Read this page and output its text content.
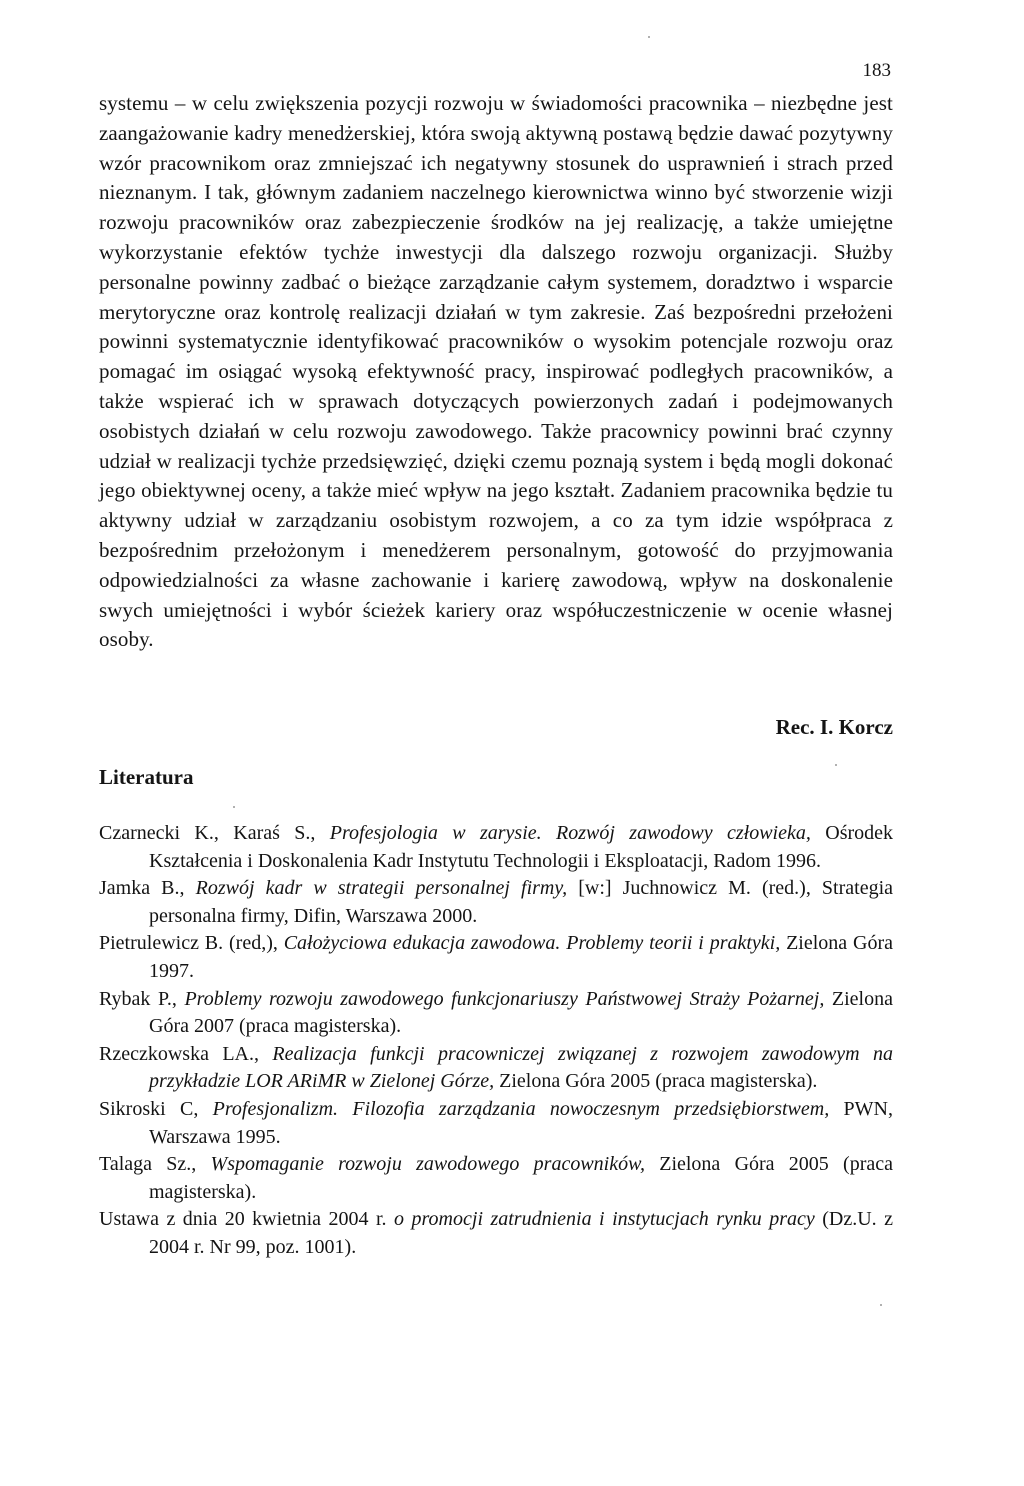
183

systemu – w celu zwiększenia pozycji rozwoju w świadomości pracownika – niezbędne jest zaangażowanie kadry menedżerskiej, która swoją aktywną postawą będzie dawać pozytywny wzór pracownikom oraz zmniejszać ich negatywny stosunek do usprawnień i strach przed nieznanym. I tak, głównym zadaniem naczelnego kierownictwa winno być stworzenie wizji rozwoju pracowników oraz zabezpieczenie środków na jej realizację, a także umiejętne wykorzystanie efektów tychże inwestycji dla dalszego rozwoju organizacji. Służby personalne powinny zadbać o bieżące zarządzanie całym systemem, doradztwo i wsparcie merytoryczne oraz kontrolę realizacji działań w tym zakresie. Zaś bezpośredni przełożeni powinni systematycznie identyfikować pracowników o wysokim potencjale rozwoju oraz pomagać im osiągać wysoką efektywność pracy, inspirować podległych pracowników, a także wspierać ich w sprawach dotyczących powierzonych zadań i podejmowanych osobistych działań w celu rozwoju zawodowego. Także pracownicy powinni brać czynny udział w realizacji tychże przedsięwzięć, dzięki czemu poznają system i będą mogli dokonać jego obiektywnej oceny, a także mieć wpływ na jego kształt. Zadaniem pracownika będzie tu aktywny udział w zarządzaniu osobistym rozwojem, a co za tym idzie współpraca z bezpośrednim przełożonym i menedżerem personalnym, gotowość do przyjmowania odpowiedzialności za własne zachowanie i karierę zawodową, wpływ na doskonalenie swych umiejętności i wybór ścieżek kariery oraz współuczestniczenie w ocenie własnej osoby.

Rec. I. Korcz
Literatura
Czarnecki K., Karaś S., Profesjologia w zarysie. Rozwój zawodowy człowieka, Ośrodek Kształcenia i Doskonalenia Kadr Instytutu Technologii i Eksploatacji, Radom 1996.
Jamka B., Rozwój kadr w strategii personalnej firmy, [w:] Juchnowicz M. (red.), Strategia personalna firmy, Difin, Warszawa 2000.
Pietrulewicz B. (red,), Całożyciowa edukacja zawodowa. Problemy teorii i praktyki, Zielona Góra 1997.
Rybak P., Problemy rozwoju zawodowego funkcjonariuszy Państwowej Straży Pożarnej, Zielona Góra 2007 (praca magisterska).
Rzeczkowska LA., Realizacja funkcji pracowniczej związanej z rozwojem zawodowym na przykładzie LOR ARiMR w Zielonej Górze, Zielona Góra 2005 (praca magisterska).
Sikroski C, Profesjonalizm. Filozofia zarządzania nowoczesnym przedsiębiorstwem, PWN, Warszawa 1995.
Talaga Sz., Wspomaganie rozwoju zawodowego pracowników, Zielona Góra 2005 (praca magisterska).
Ustawa z dnia 20 kwietnia 2004 r. o promocji zatrudnienia i instytucjach rynku pracy (Dz.U. z 2004 r. Nr 99, poz. 1001).
